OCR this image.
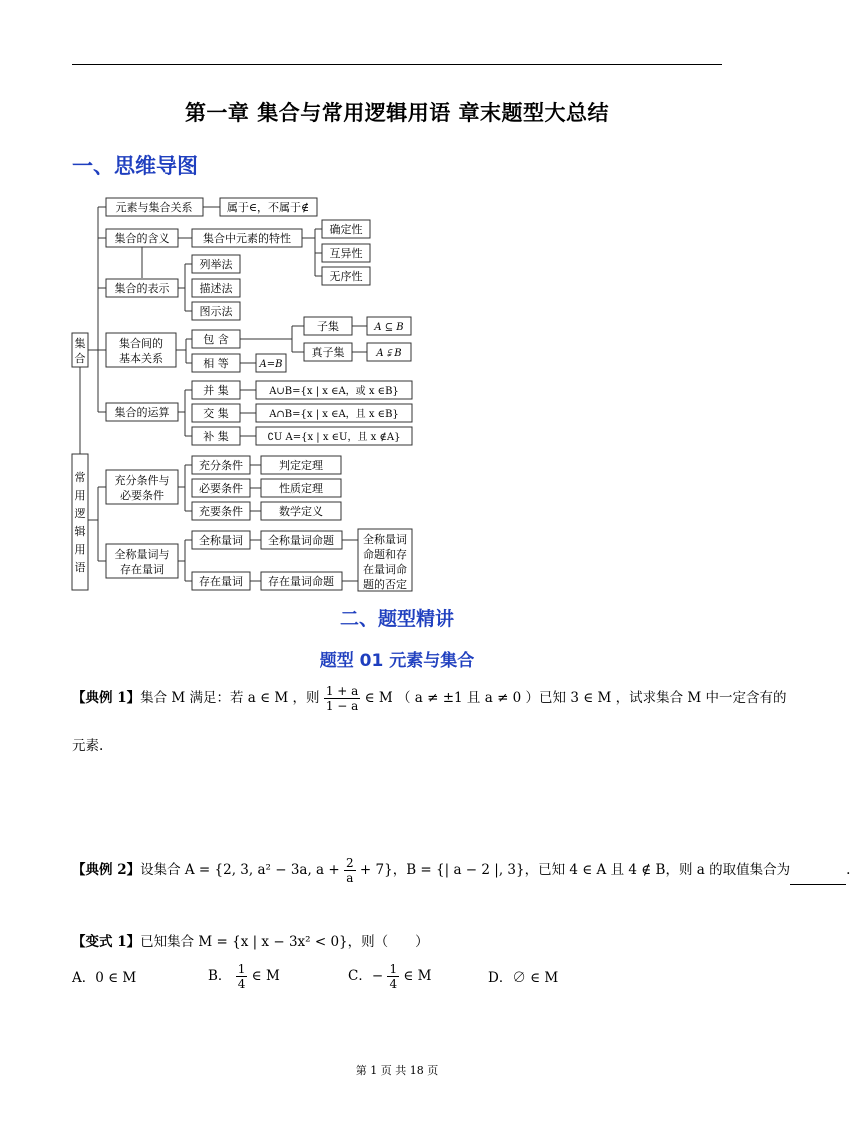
第一章 集合与常用逻辑用语 章末题型大总结
一、思维导图
集
合
常
用
逻
辑
用
语
元素与集合关系	属于∈，不属于∉
集合的含义	集合中元素的特性
确定性
互异性
无序性
集合的表示
列举法
描述法
图示法
集合间的
基本关系
包 含
相 等	A=B
子集
真子集
A ⊆ B
A ⫋ B
集合的运算
并 集
交 集
补 集
A∪B={x | x ∈A，或 x ∈B}
A∩B={x | x ∈A，且 x ∈B}
∁U A={x | x ∈U，且 x ∉A}
充分条件与
必要条件
充分条件
必要条件
充要条件
判定定理
性质定理
数学定义
全称量词与
存在量词
全称量词
存在量词
全称量词命题
存在量词命题
全称量词
命题和存
在量词命
题的否定
二、题型精讲
题型 01 元素与集合
【典例 1】集合 M 满足：若 a ∈ M ，则 $\frac{1 + a}{1 - a}$ ∈ M （ a ≠ ±1 且 a ≠ 0 ）已知 3 ∈ M ，试求集合 M 中一定含有的
元素.
【典例 2】设集合 A = {2, 3, a² − 3a, $a + \frac{2}{a} + 7$}，B = {| a − 2 |, 3}，已知 4 ∈ A 且 4 ∉ B，则 a 的取值集合为	.
【变式 1】已知集合 M = {x | x − 3x² < 0}，则（　　）
A．0 ∈ M	B． $\frac{1}{4}$ ∈ M	C．− $\frac{1}{4}$ ∈ M	D．∅ ∈ M
第 1 页 共 18 页
